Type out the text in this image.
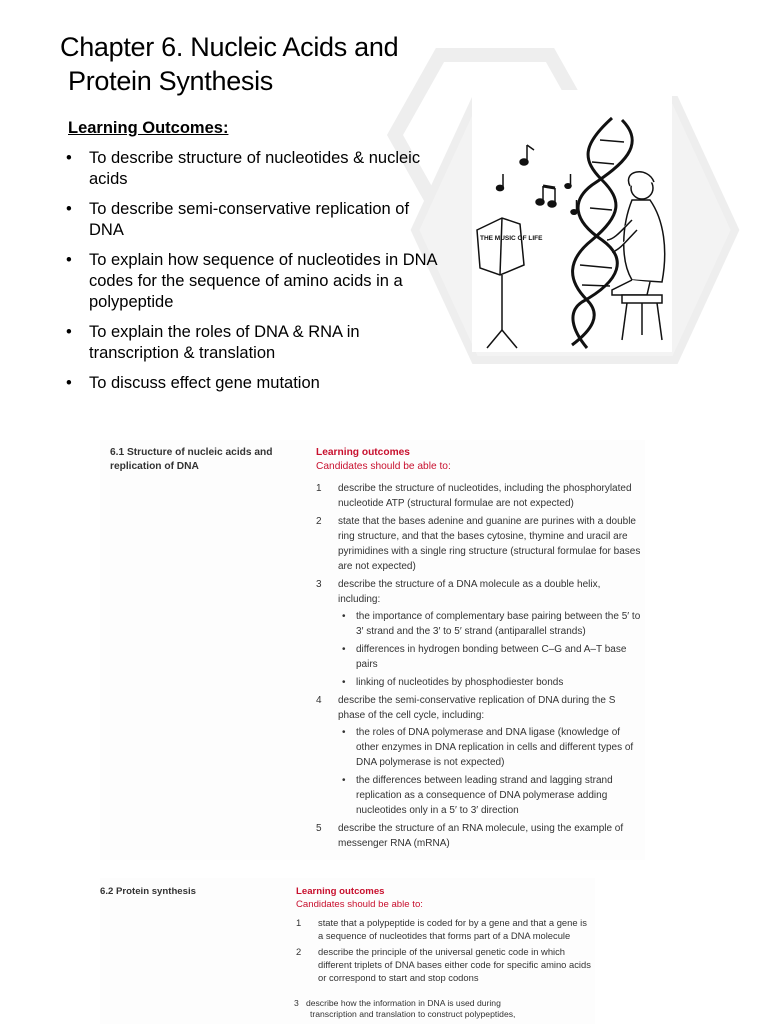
Chapter 6. Nucleic Acids and
Protein Synthesis
Learning Outcomes:
• To describe structure of nucleotides & nucleic acids
• To describe semi-conservative replication of DNA
• To explain how sequence of nucleotides in DNA codes for the sequence of amino acids in a polypeptide
• To explain the roles of DNA & RNA in transcription & translation
• To discuss effect gene mutation
THE MUSIC OF LIFE
6.1 Structure of nucleic acids and replication of DNA
Learning outcomes
Candidates should be able to:
1 describe the structure of nucleotides, including the phosphorylated nucleotide ATP (structural formulae are not expected)
2 state that the bases adenine and guanine are purines with a double ring structure, and that the bases cytosine, thymine and uracil are pyrimidines with a single ring structure (structural formulae for bases are not expected)
3 describe the structure of a DNA molecule as a double helix, including:
• the importance of complementary base pairing between the 5′ to 3′ strand and the 3′ to 5′ strand (antiparallel strands)
• differences in hydrogen bonding between C–G and A–T base pairs
• linking of nucleotides by phosphodiester bonds
4 describe the semi-conservative replication of DNA during the S phase of the cell cycle, including:
• the roles of DNA polymerase and DNA ligase (knowledge of other enzymes in DNA replication in cells and different types of DNA polymerase is not expected)
• the differences between leading strand and lagging strand replication as a consequence of DNA polymerase adding nucleotides only in a 5′ to 3′ direction
5 describe the structure of an RNA molecule, using the example of messenger RNA (mRNA)
6.2 Protein synthesis	Learning outcomes
Candidates should be able to:
1 state that a polypeptide is coded for by a gene and that a gene is a sequence of nucleotides that forms part of a DNA molecule
2 describe the principle of the universal genetic code in which different triplets of DNA bases either code for specific amino acids or correspond to start and stop codons
3 describe how the information in DNA is used during
transcription and translation to construct polypeptides,
